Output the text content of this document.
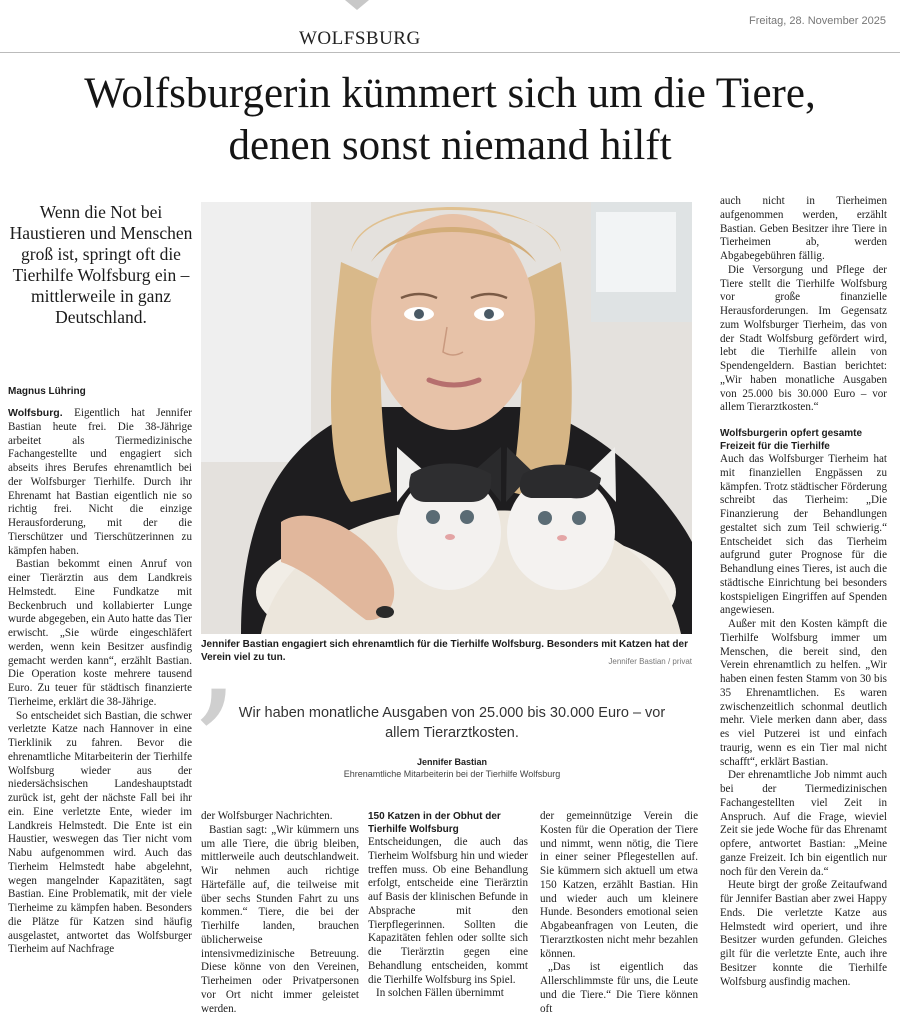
Freitag, 28. November 2025
WOLFSBURG
Wolfsburgerin kümmert sich um die Tiere,
denen sonst niemand hilft
Wenn die Not bei Haustieren und Menschen groß ist, springt oft die Tierhilfe Wolfsburg ein – mittlerweile in ganz Deutschland.
Magnus Lühring

Wolfsburg. Eigentlich hat Jennifer Bastian heute frei. Die 38-Jährige arbeitet als Tiermedizinische Fachangestellte und engagiert sich abseits ihres Berufes ehrenamtlich bei der Wolfsburger Tierhilfe. Durch ihr Ehrenamt hat Bastian eigentlich nie so richtig frei. Nicht die einzige Herausforderung, mit der die Tierschützer und Tierschützerinnen zu kämpfen haben.

Bastian bekommt einen Anruf von einer Tierärztin aus dem Landkreis Helmstedt. Eine Fundkatze mit Beckenbruch und kollabierter Lunge wurde abgegeben, ein Auto hatte das Tier erwischt. „Sie würde eingeschläfert werden, wenn kein Besitzer ausfindig gemacht werden kann“, erzählt Bastian. Die Operation koste mehrere tausend Euro. Zu teuer für städtisch finanzierte Tierheime, erklärt die 38-Jährige.

So entscheidet sich Bastian, die schwer verletzte Katze nach Hannover in eine Tierklinik zu fahren. Bevor die ehrenamtliche Mitarbeiterin der Tierhilfe Wolfsburg wieder aus der niedersächsischen Landeshauptstadt zurück ist, geht der nächste Fall bei ihr ein. Eine verletzte Ente, wieder im Landkreis Helmstedt. Die Ente ist ein Haustier, weswegen das Tier nicht vom Nabu aufgenommen wird. Auch das Tierheim Helmstedt habe abgelehnt, wegen mangelnder Kapazitäten, sagt Bastian. Eine Problematik, mit der viele Tierheime zu kämpfen haben. Besonders die Plätze für Katzen sind häufig ausgelastet, antwortet das Wolfsburger Tierheim auf Nachfrage

Jennifer Bastian engagiert sich ehrenamtlich für die Tierhilfe Wolfsburg. Besonders mit Katzen hat der Verein viel zu tun.	Jennifer Bastian / privat
’ Wir haben monatliche Ausgaben von 25.000 bis 30.000 Euro – vor allem Tierarztkosten.
Jennifer Bastian
Ehrenamtliche Mitarbeiterin bei der Tierhilfe Wolfsburg

der Wolfsburger Nachrichten.

Bastian sagt: „Wir kümmern uns um alle Tiere, die übrig bleiben, mittlerweile auch deutschlandweit. Wir nehmen auch richtige Härtefälle auf, die teilweise mit über sechs Stunden Fahrt zu uns kommen.“ Tiere, die bei der Tierhilfe landen, brauchen üblicherweise intensivmedizinische Betreuung. Diese könne von den Vereinen, Tierheimen oder Privatpersonen vor Ort nicht immer geleistet werden.

150 Katzen in der Obhut der Tierhilfe Wolfsburg

Entscheidungen, die auch das Tierheim Wolfsburg hin und wieder treffen muss. Ob eine Behandlung erfolgt, entscheide eine Tierärztin auf Basis der klinischen Befunde in Absprache mit den Tierpflegerinnen. Sollten die Kapazitäten fehlen oder sollte sich die Tierärztin gegen eine Behandlung entscheiden, kommt die Tierhilfe Wolfsburg ins Spiel.

In solchen Fällen übernimmt

der gemeinnützige Verein die Kosten für die Operation der Tiere und nimmt, wenn nötig, die Tiere in einer seiner Pflegestellen auf. Sie kümmern sich aktuell um etwa 150 Katzen, erzählt Bastian. Hin und wieder auch um kleinere Hunde. Besonders emotional seien Abgabeanfragen von Leuten, die Tierarztkosten nicht mehr bezahlen können.

„Das ist eigentlich das Allerschlimmste für uns, die Leute und die Tiere.“ Die Tiere können oft

auch nicht in Tierheimen aufgenommen werden, erzählt Bastian. Geben Besitzer ihre Tiere in Tierheimen ab, werden Abgabegebühren fällig.

Die Versorgung und Pflege der Tiere stellt die Tierhilfe Wolfsburg vor große finanzielle Herausforderungen. Im Gegensatz zum Wolfsburger Tierheim, das von der Stadt Wolfsburg gefördert wird, lebt die Tierhilfe allein von Spendengeldern. Bastian berichtet: „Wir haben monatliche Ausgaben von 25.000 bis 30.000 Euro – vor allem Tierarztkosten.“

Wolfsburgerin opfert gesamte Freizeit für die Tierhilfe

Auch das Wolfsburger Tierheim hat mit finanziellen Engpässen zu kämpfen. Trotz städtischer Förderung schreibt das Tierheim: „Die Finanzierung der Behandlungen gestaltet sich zum Teil schwierig.“ Entscheidet sich das Tierheim aufgrund guter Prognose für die Behandlung eines Tieres, ist auch die städtische Einrichtung bei besonders kostspieligen Eingriffen auf Spenden angewiesen.

Außer mit den Kosten kämpft die Tierhilfe Wolfsburg immer um Menschen, die bereit sind, den Verein ehrenamtlich zu helfen. „Wir haben einen festen Stamm von 30 bis 35 Ehrenamtlichen. Es waren zwischenzeitlich schonmal deutlich mehr. Viele merken dann aber, dass es viel Putzerei ist und einfach traurig, wenn es ein Tier mal nicht schafft“, erklärt Bastian.

Der ehrenamtliche Job nimmt auch bei der Tiermedizinischen Fachangestellten viel Zeit in Anspruch. Auf die Frage, wieviel Zeit sie jede Woche für das Ehrenamt opfere, antwortet Bastian: „Meine ganze Freizeit. Ich bin eigentlich nur noch für den Verein da.“

Heute birgt der große Zeitaufwand für Jennifer Bastian aber zwei Happy Ends. Die verletzte Katze aus Helmstedt wird operiert, und ihre Besitzer wurden gefunden. Gleiches gilt für die verletzte Ente, auch ihre Besitzer konnte die Tierhilfe Wolfsburg ausfindig machen.
